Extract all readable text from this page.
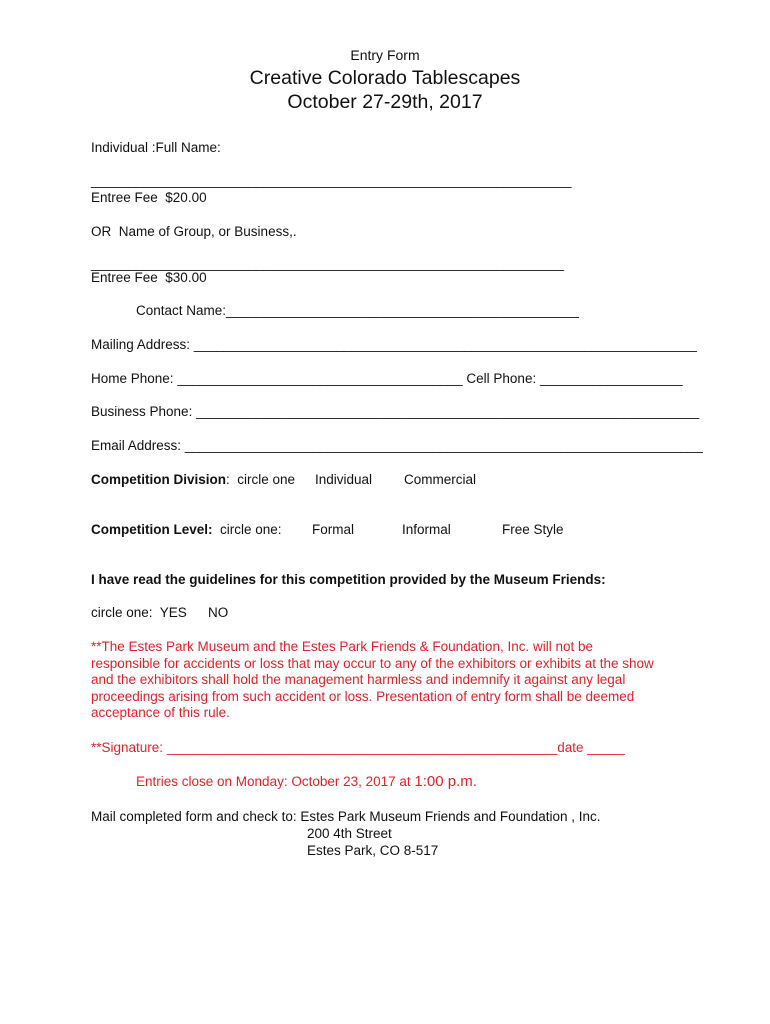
Entry Form
Creative Colorado Tablescapes
October 27-29th, 2017
Individual :Full Name:
________________________________________________________________
Entree Fee  $20.00
OR  Name of Group, or Business,.
_______________________________________________________________
Entree Fee  $30.00
Contact Name:_______________________________________________
Mailing Address: ___________________________________________________________________
Home Phone: ______________________________________ Cell Phone: ___________________
Business Phone: ___________________________________________________________________
Email Address: _____________________________________________________________________
Competition Division:  circle one Individual Commercial
Competition Level:  circle one: Formal	Informal	Free Style
I have read the guidelines for this competition provided by the Museum Friends:
circle one:  YES NO
**The Estes Park Museum and the Estes Park Friends & Foundation, Inc. will not be
responsible for accidents or loss that may occur to any of the exhibitors or exhibits at the show
and the exhibitors shall hold the management harmless and indemnify it against any legal
proceedings arising from such accident or loss. Presentation of entry form shall be deemed
acceptance of this rule.
**Signature: ____________________________________________________date _____
Entries close on Monday: October 23, 2017 at 1:00 p.m.
Mail completed form and check to: Estes Park Museum Friends and Foundation , Inc.
200 4th Street
Estes Park, CO 8-517
